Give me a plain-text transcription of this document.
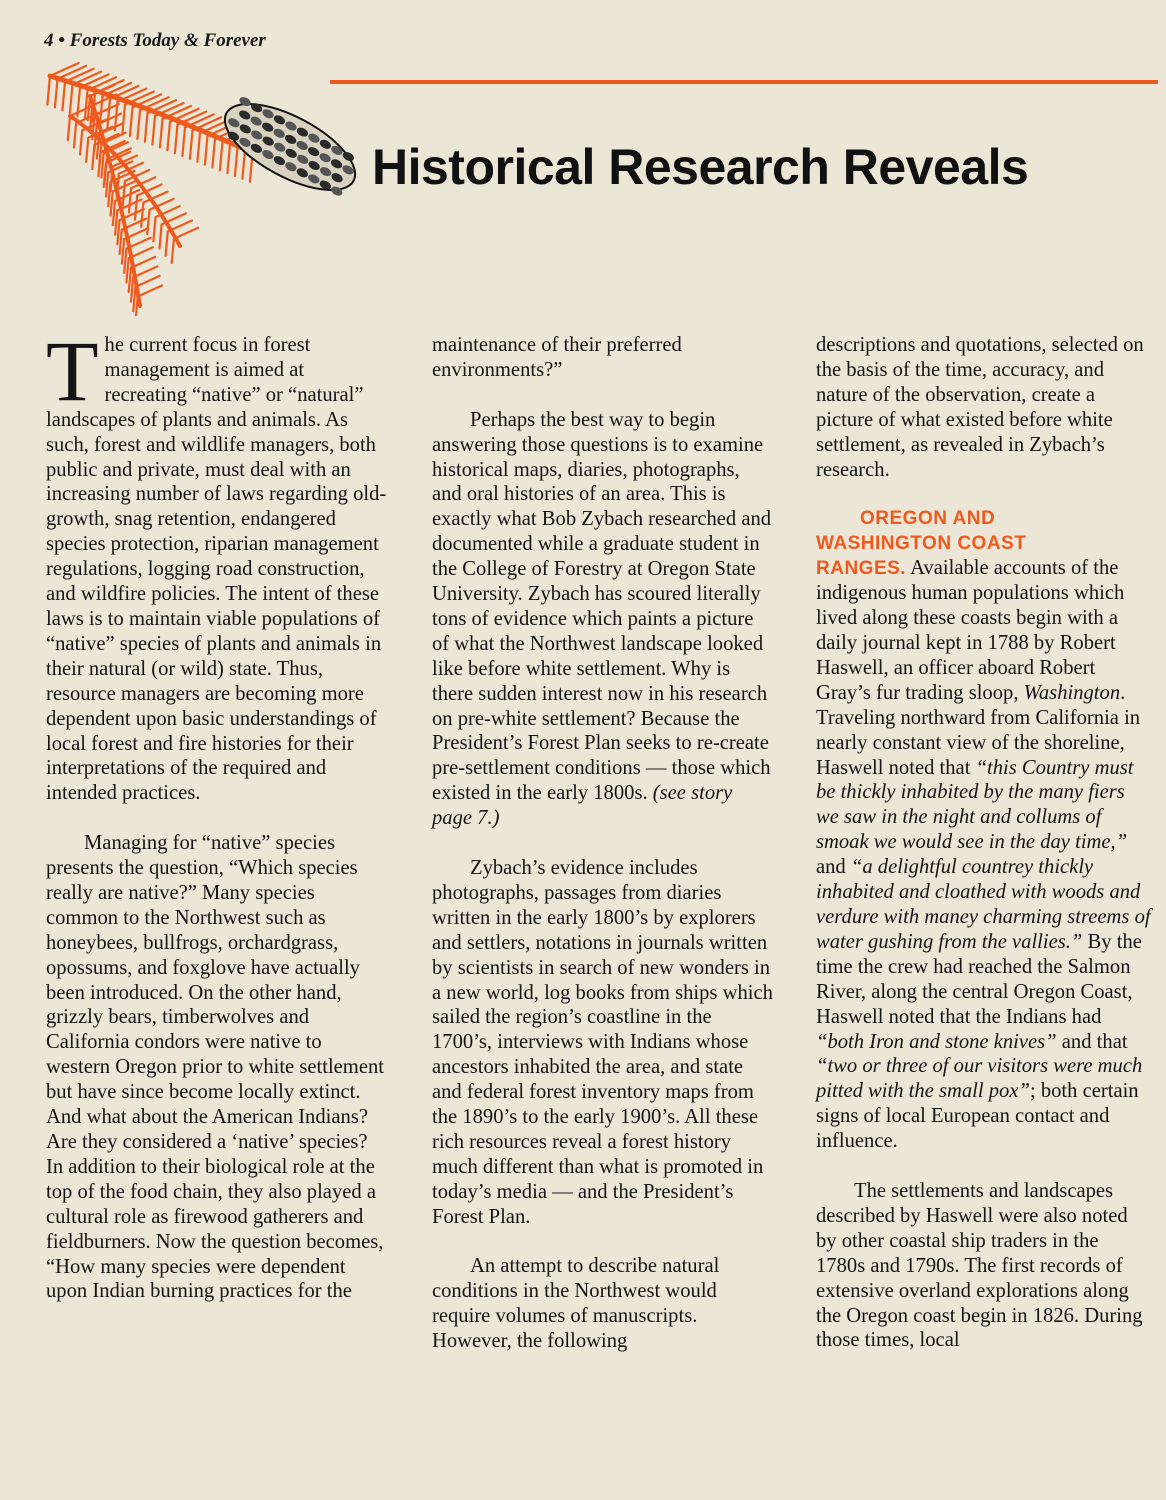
4 • Forests Today & Forever
Historical Research Reveals

The current focus in forest management is aimed at recreating “native” or “natural” landscapes of plants and animals. As such, forest and wildlife managers, both public and private, must deal with an increasing number of laws regarding old-growth, snag retention, endangered species protection, riparian management regulations, logging road construction, and wildfire policies. The intent of these laws is to maintain viable populations of “native” species of plants and animals in their natural (or wild) state. Thus, resource managers are becoming more dependent upon basic understandings of local forest and fire histories for their interpretations of the required and intended practices.

Managing for “native” species presents the question, “Which species really are native?” Many species common to the Northwest such as honeybees, bullfrogs, orchardgrass, opossums, and foxglove have actually been introduced. On the other hand, grizzly bears, timberwolves and California condors were native to western Oregon prior to white settlement but have since become locally extinct. And what about the American Indians? Are they considered a ‘native’ species? In addition to their biological role at the top of the food chain, they also played a cultural role as firewood gatherers and fieldburners. Now the question becomes, “How many species were dependent upon Indian burning practices for the

maintenance of their preferred environments?”

Perhaps the best way to begin answering those questions is to examine historical maps, diaries, photographs, and oral histories of an area. This is exactly what Bob Zybach researched and documented while a graduate student in the College of Forestry at Oregon State University. Zybach has scoured literally tons of evidence which paints a picture of what the Northwest landscape looked like before white settlement. Why is there sudden interest now in his research on pre-white settlement? Because the President’s Forest Plan seeks to re-create pre-settlement conditions — those which existed in the early 1800s. (see story page 7.)

Zybach’s evidence includes photographs, passages from diaries written in the early 1800’s by explorers and settlers, notations in journals written by scientists in search of new wonders in a new world, log books from ships which sailed the region’s coastline in the 1700’s, interviews with Indians whose ancestors inhabited the area, and state and federal forest inventory maps from the 1890’s to the early 1900’s. All these rich resources reveal a forest history much different than what is promoted in today’s media — and the President’s Forest Plan.

An attempt to describe natural conditions in the Northwest would require volumes of manuscripts. However, the following

descriptions and quotations, selected on the basis of the time, accuracy, and nature of the observation, create a picture of what existed before white settlement, as revealed in Zybach’s research.

OREGON AND
WASHINGTON COAST
RANGES. Available accounts of the indigenous human populations which lived along these coasts begin with a daily journal kept in 1788 by Robert Haswell, an officer aboard Robert Gray’s fur trading sloop, Washington. Traveling northward from California in nearly constant view of the shoreline, Haswell noted that “this Country must be thickly inhabited by the many fiers we saw in the night and collums of smoak we would see in the day time,” and “a delightful countrey thickly inhabited and cloathed with woods and verdure with maney charming streems of water gushing from the vallies.” By the time the crew had reached the Salmon River, along the central Oregon Coast, Haswell noted that the Indians had “both Iron and stone knives” and that “two or three of our visitors were much pitted with the small pox”; both certain signs of local European contact and influence.

The settlements and landscapes described by Haswell were also noted by other coastal ship traders in the 1780s and 1790s. The first records of extensive overland explorations along the Oregon coast begin in 1826. During those times, local
